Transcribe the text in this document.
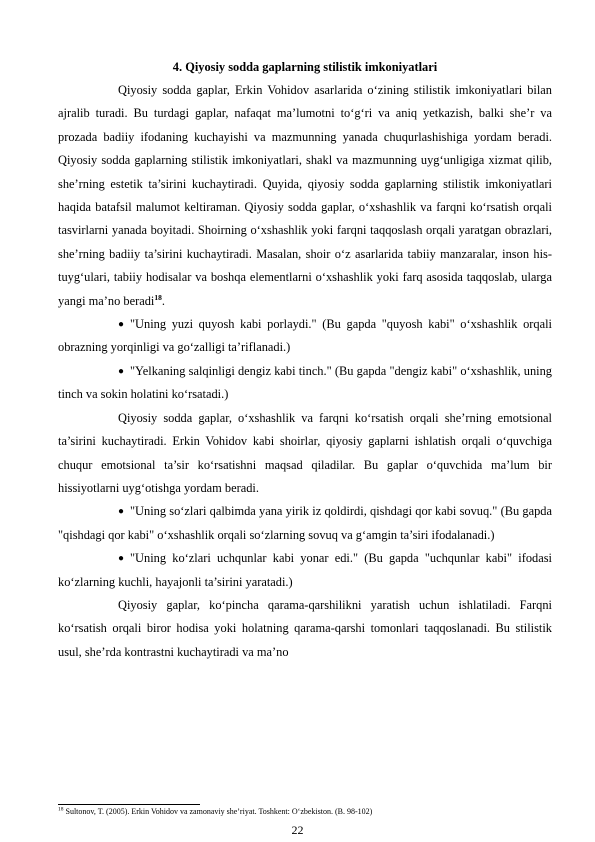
4. Qiyosiy sodda gaplarning stilistik imkoniyatlari

Qiyosiy sodda gaplar, Erkin Vohidov asarlarida o‘zining stilistik imkoniyatlari bilan ajralib turadi. Bu turdagi gaplar, nafaqat ma’lumotni to‘g‘ri va aniq yetkazish, balki she’r va prozada badiiy ifodaning kuchayishi va mazmunning yanada chuqurlashishiga yordam beradi. Qiyosiy sodda gaplarning stilistik imkoniyatlari, shakl va mazmunning uyg‘unligiga xizmat qilib, she’rning estetik ta’sirini kuchaytiradi. Quyida, qiyosiy sodda gaplarning stilistik imkoniyatlari haqida batafsil malumot keltiraman. Qiyosiy sodda gaplar, o‘xshashlik va farqni ko‘rsatish orqali tasvirlarni yanada boyitadi. Shoirning o‘xshashlik yoki farqni taqqoslash orqali yaratgan obrazlari, she’rning badiiy ta’sirini kuchaytiradi. Masalan, shoir o‘z asarlarida tabiiy manzaralar, inson his-tuyg‘ulari, tabiiy hodisalar va boshqa elementlarni o‘xshashlik yoki farq asosida taqqoslab, ularga yangi ma’no beradi$^{18}$.

● "Uning yuzi quyosh kabi porlaydi." (Bu gapda "quyosh kabi" o‘xshashlik orqali obrazning yorqinligi va go‘zalligi ta’riflanadi.)

● "Yelkaning salqinligi dengiz kabi tinch." (Bu gapda "dengiz kabi" o‘xshashlik, uning tinch va sokin holatini ko‘rsatadi.)

Qiyosiy sodda gaplar, o‘xshashlik va farqni ko‘rsatish orqali she’rning emotsional ta’sirini kuchaytiradi. Erkin Vohidov kabi shoirlar, qiyosiy gaplarni ishlatish orqali o‘quvchiga chuqur emotsional ta’sir ko‘rsatishni maqsad qiladilar. Bu gaplar o‘quvchida ma’lum bir hissiyotlarni uyg‘otishga yordam beradi.

● "Uning so‘zlari qalbimda yana yirik iz qoldirdi, qishdagi qor kabi sovuq." (Bu gapda "qishdagi qor kabi" o‘xshashlik orqali so‘zlarning sovuq va g‘amgin ta’siri ifodalanadi.)

● "Uning ko‘zlari uchqunlar kabi yonar edi." (Bu gapda "uchqunlar kabi" ifodasi ko‘zlarning kuchli, hayajonli ta’sirini yaratadi.)

Qiyosiy gaplar, ko‘pincha qarama-qarshilikni yaratish uchun ishlatiladi. Farqni ko‘rsatish orqali biror hodisa yoki holatning qarama-qarshi tomonlari taqqoslanadi. Bu stilistik usul, she’rda kontrastni kuchaytiradi va ma’no

$^{18}$ Sultonov, T. (2005). Erkin Vohidov va zamonaviy she’riyat. Toshkent: O‘zbekiston. (B. 98-102)
22
